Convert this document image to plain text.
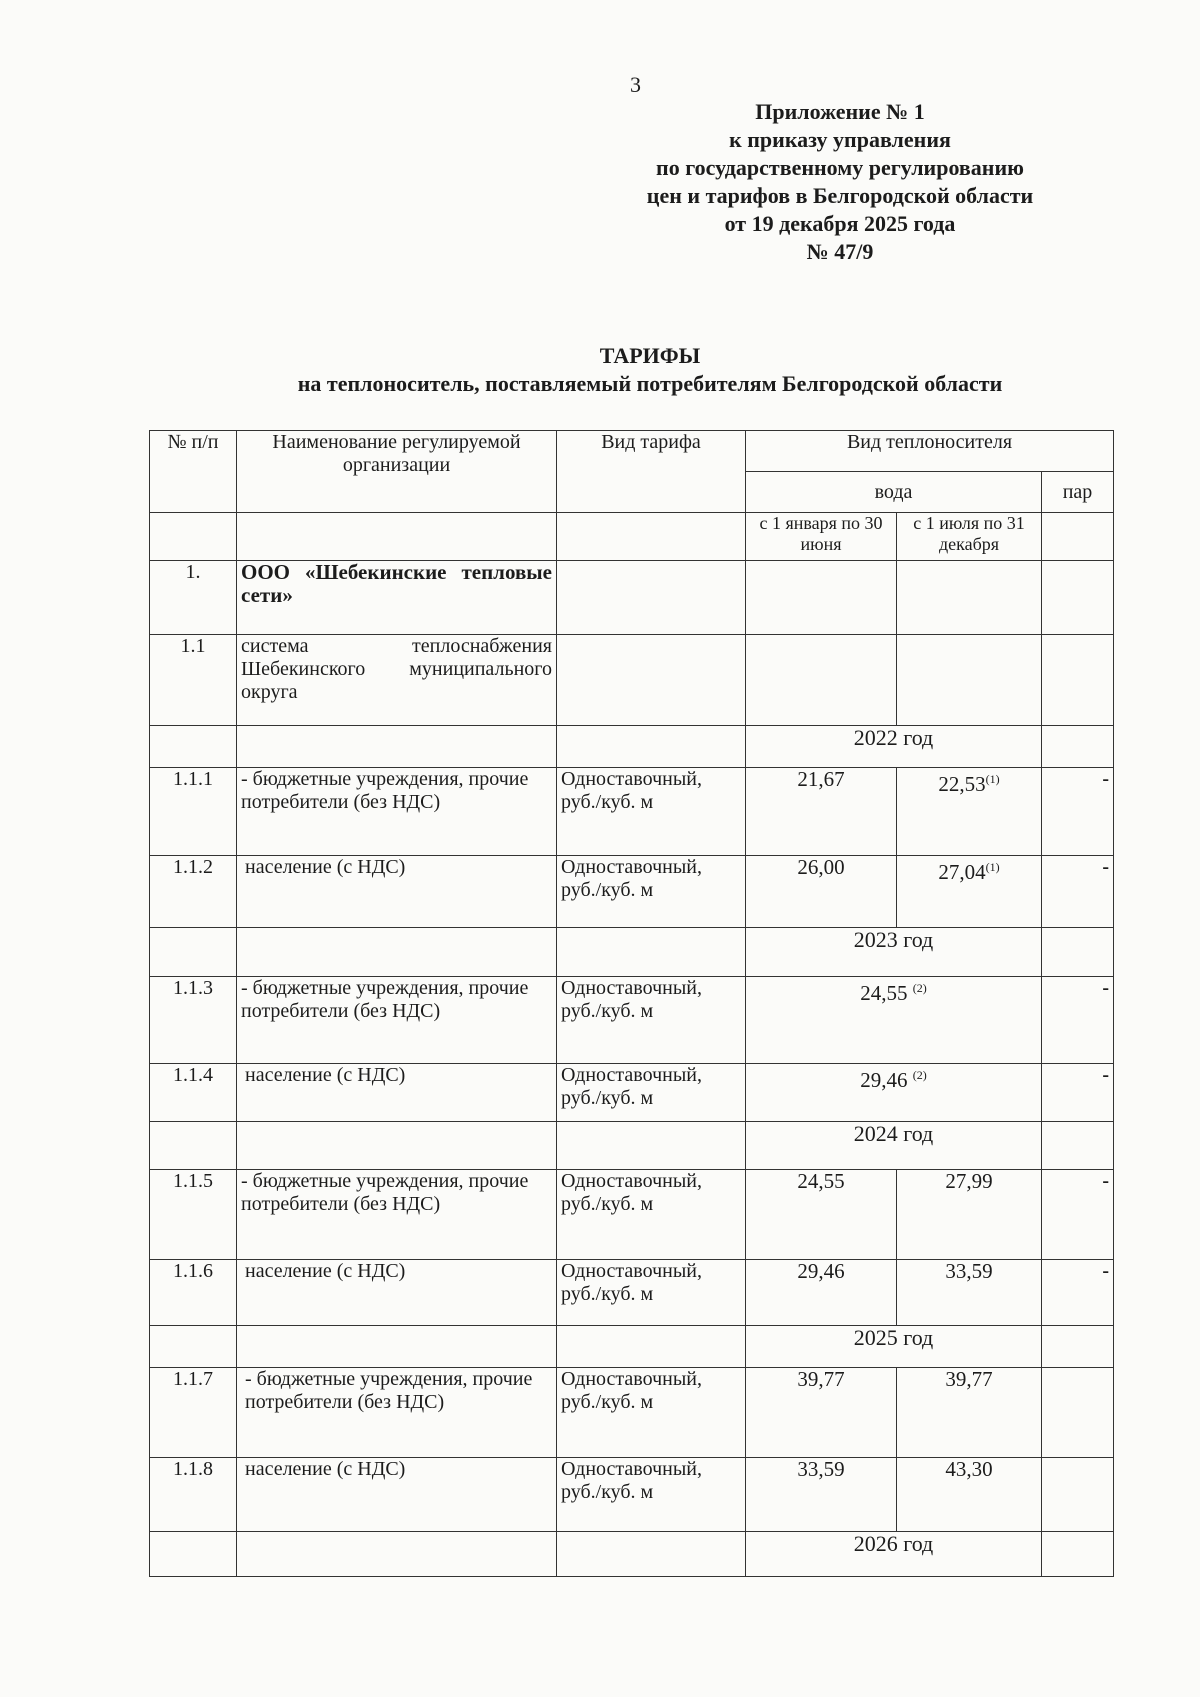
3
Приложение № 1
к приказу управления
по государственному регулированию
цен и тарифов в Белгородской области
от 19 декабря 2025 года
№ 47/9
ТАРИФЫ
на теплоноситель, поставляемый потребителям Белгородской области
№ п/п	Наименование регулируемой организации	Вид тарифа	Вид теплоносителя		
			вода		пар
			с 1 января по 30 июня	с 1 июля по 31 декабря	
1.	ООО «Шебекинские тепловые сети»				
1.1	система теплоснабжения Шебекинского муниципального округа				
			2022 год		
1.1.1	- бюджетные учреждения, прочие потребители (без НДС)	Одноставочный, руб./куб. м	21,67	22,53$^{(1)}$	-
1.1.2	население (с НДС)	Одноставочный, руб./куб. м	26,00	27,04$^{(1)}$	-
			2023 год		
1.1.3	- бюджетные учреждения, прочие потребители (без НДС)	Одноставочный, руб./куб. м	24,55 $^{(2)}$		-
1.1.4	население (с НДС)	Одноставочный, руб./куб. м	29,46 $^{(2)}$		-
			2024 год		
1.1.5	- бюджетные учреждения, прочие потребители (без НДС)	Одноставочный, руб./куб. м	24,55	27,99	-
1.1.6	население (с НДС)	Одноставочный, руб./куб. м	29,46	33,59	-
			2025 год		
1.1.7	- бюджетные учреждения, прочие потребители (без НДС)	Одноставочный, руб./куб. м	39,77	39,77	
1.1.8	население (с НДС)	Одноставочный, руб./куб. м	33,59	43,30	
			2026 год		
